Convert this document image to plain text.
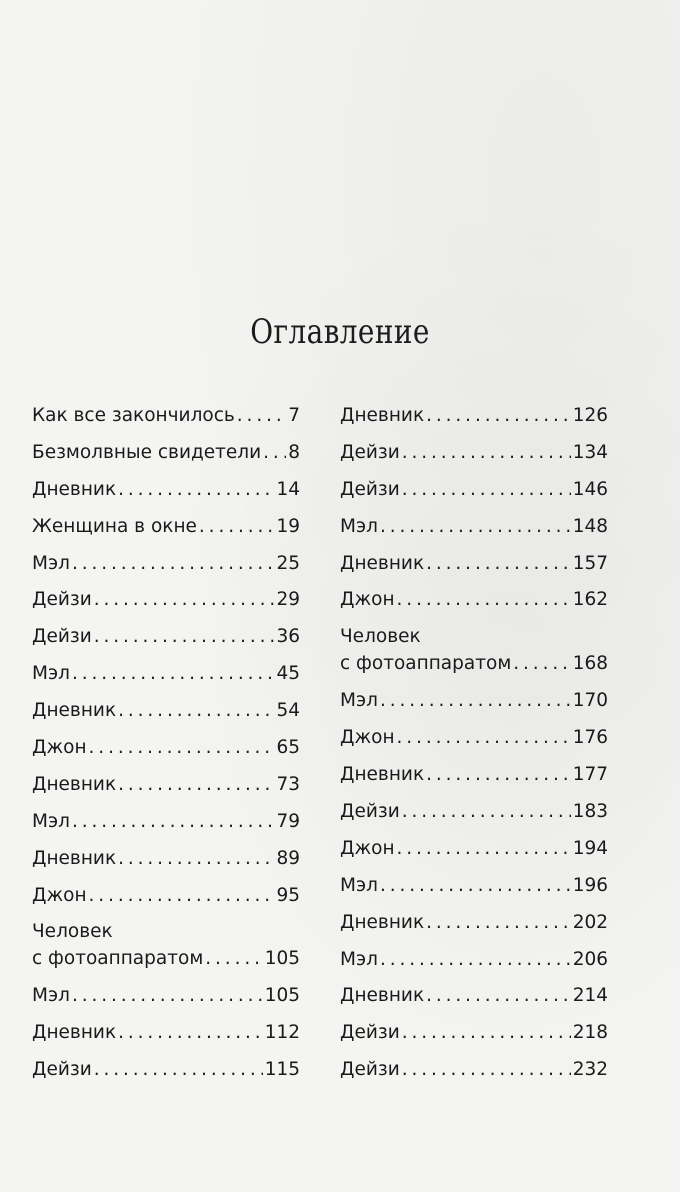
Оглавление
Как все закончилось . . .	7
Безмолвные свидетели . . . 8
Дневник . . .	14
Женщина в окне . . .	19
Мэл . . .	25
Дейзи . . .	29
Дейзи . . .	36
Мэл . . .	45
Дневник . . .	54
Джон . . .	65
Дневник . . .	73
Мэл . . .	79
Дневник . . .	89
Джон . . .	95
Человек
с фотоаппаратом . . .	105
Мэл . . .	105
Дневник . . .	112
Дейзи . . .	115
Дневник . . .	126
Дейзи . . .	134
Дейзи . . .	146
Мэл . . .	148
Дневник . . .	157
Джон . . .	162
Человек
с фотоаппаратом . . .	168
Мэл . . .	170
Джон . . .	176
Дневник . . .	177
Дейзи . . .	183
Джон . . .	194
Мэл . . .	196
Дневник . . .	202
Мэл . . .	206
Дневник . . .	214
Дейзи . . .	218
Дейзи . . .	232
